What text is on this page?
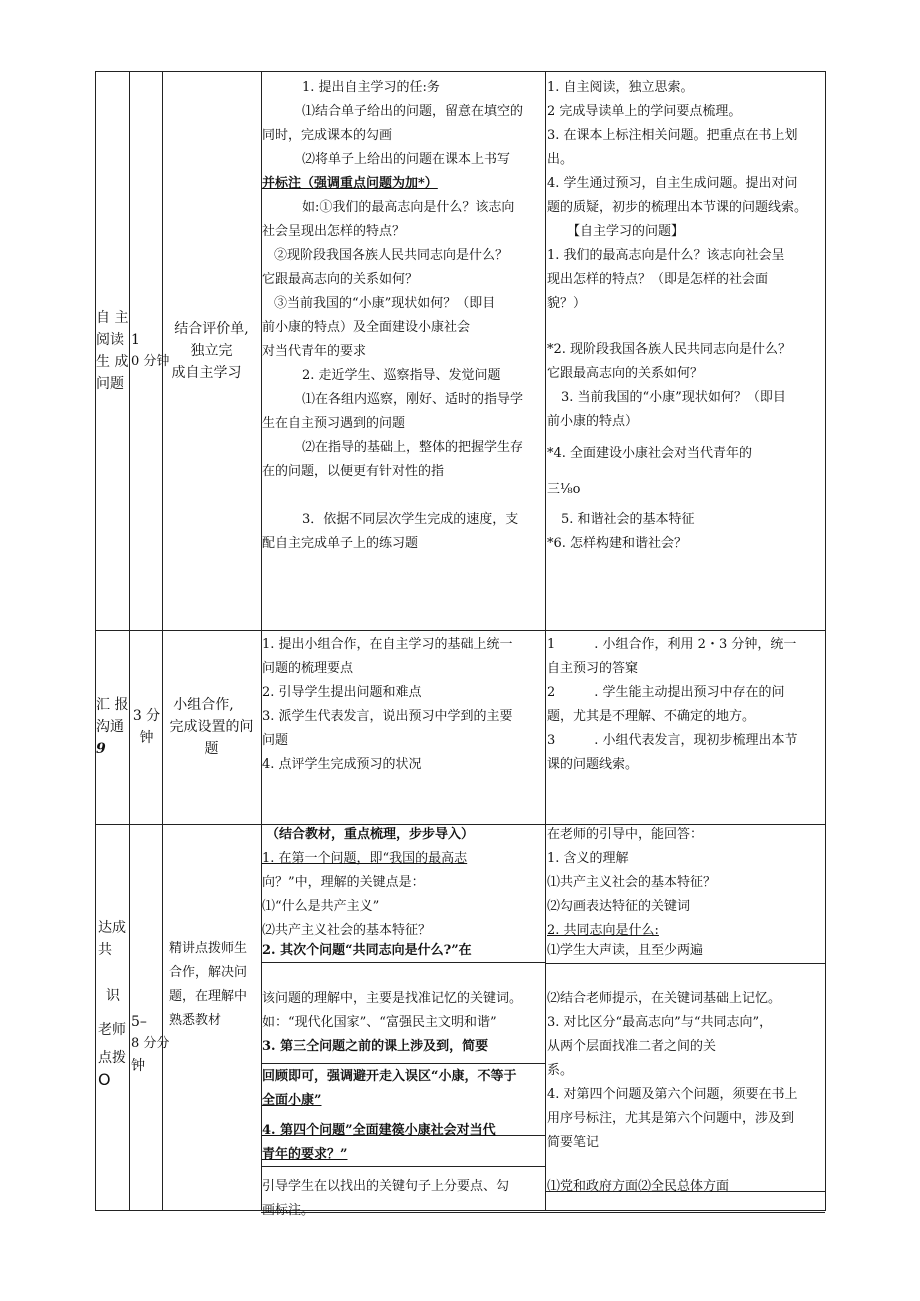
自 主
阅读
生 成
问题
1
0 分钟
结合评价单,
独立完
成自主学习
1. 提出自主学习的任:务
⑴结合单子给出的问题，留意在填空的
同时，完成课本的勾画
⑵将单子上给出的问题在课本上书写
并标注（强调重点问题为加*）
如:①我们的最高志向是什么？该志向
社会呈现出怎样的特点？
②现阶段我国各族人民共同志向是什么？
它跟最高志向的关系如何？
③当前我国的“小康”现状如何？（即目
前小康的特点）及全面建设小康社会
对当代青年的要求
2. 走近学生、巡察指导、发觉问题
⑴在各组内巡察，刚好、适时的指导学
生在自主预习遇到的问题
⑵在指导的基础上，整体的把握学生存
在的问题，以便更有针对性的指
3．依据不同层次学生完成的速度，支
配自主完成单子上的练习题
1. 自主阅读，独立思索。
2 完成导读单上的学问要点梳理。
3. 在课本上标注相关问题。把重点在书上划
出。
4. 学生通过预习，自主生成问题。提出对问
题的质疑，初步的梳理出本节课的问题线索。
【自主学习的问题】
1. 我们的最高志向是什么？该志向社会呈
现出怎样的特点？（即是怎样的社会面
貌？）
*2. 现阶段我国各族人民共同志向是什么？
它跟最高志向的关系如何？
3. 当前我国的“小康”现状如何？（即目
前小康的特点）
*4. 全面建设小康社会对当代青年的
三⅛o
5. 和谐社会的基本特征
*6. 怎样构建和谐社会？
汇 报
沟通
9
3 分
钟
小组合作,
完成设置的问
题
1. 提出小组合作，在自主学习的基础上统一
问题的梳理要点
2. 引导学生提出问题和难点
3. 派学生代表发言，说出预习中学到的主要
问题
4. 点评学生完成预习的状况
1　　　. 小组合作，利用 2・3 分钟，统一
自主预习的答窠
2　　　. 学生能主动提出预习中存在的问
题，尤其是不理解、不确定的地方。
3　　　. 小组代表发言，现初步梳理出本节
课的问题线索。
达成
共
识
老师
点拨
O
5–
8 分分
钟
精讲点拨师生
合作，解决问
题，在理解中
熟悉教材
（结合教材，重点梳理，步步导入）
1. 在第一个问题，即“我国的最高志
向？”中，理解的关键点是：
⑴“什么是共产主义”
⑵共产主义社会的基本特征？
2. 其次个问题“共同志向是什么?”在
该问题的理解中，主要是找准记忆的关键词。
如：“现代化国家”、“富强民主文明和谐”
3. 第三仝问题之前的课上涉及到，简要
回顾即可，强调避开走入误区“小康，不等于
全面小康”
4. 第四个问题”全面建篌小康社会对当代
青年的要求？”
引导学生在以找出的关键句子上分要点、勾
画标注。
在老师的引导中，能回答：
1. 含义的理解
⑴共产主义社会的基本特征？
⑵勾画表达特征的关键词
2. 共同志向是什么:
⑴学生大声读，且至少两遍
⑵结合老师提示，在关键词基础上记忆。
3. 对比区分“最高志向”与“共同志向”，
从两个层面找准二者之间的关
系。
4. 对第四个问题及第六个问题，须要在书上
用序号标注，尤其是第六个问题中，涉及到
简要笔记
⑴党和政府方面⑵全民总体方面
